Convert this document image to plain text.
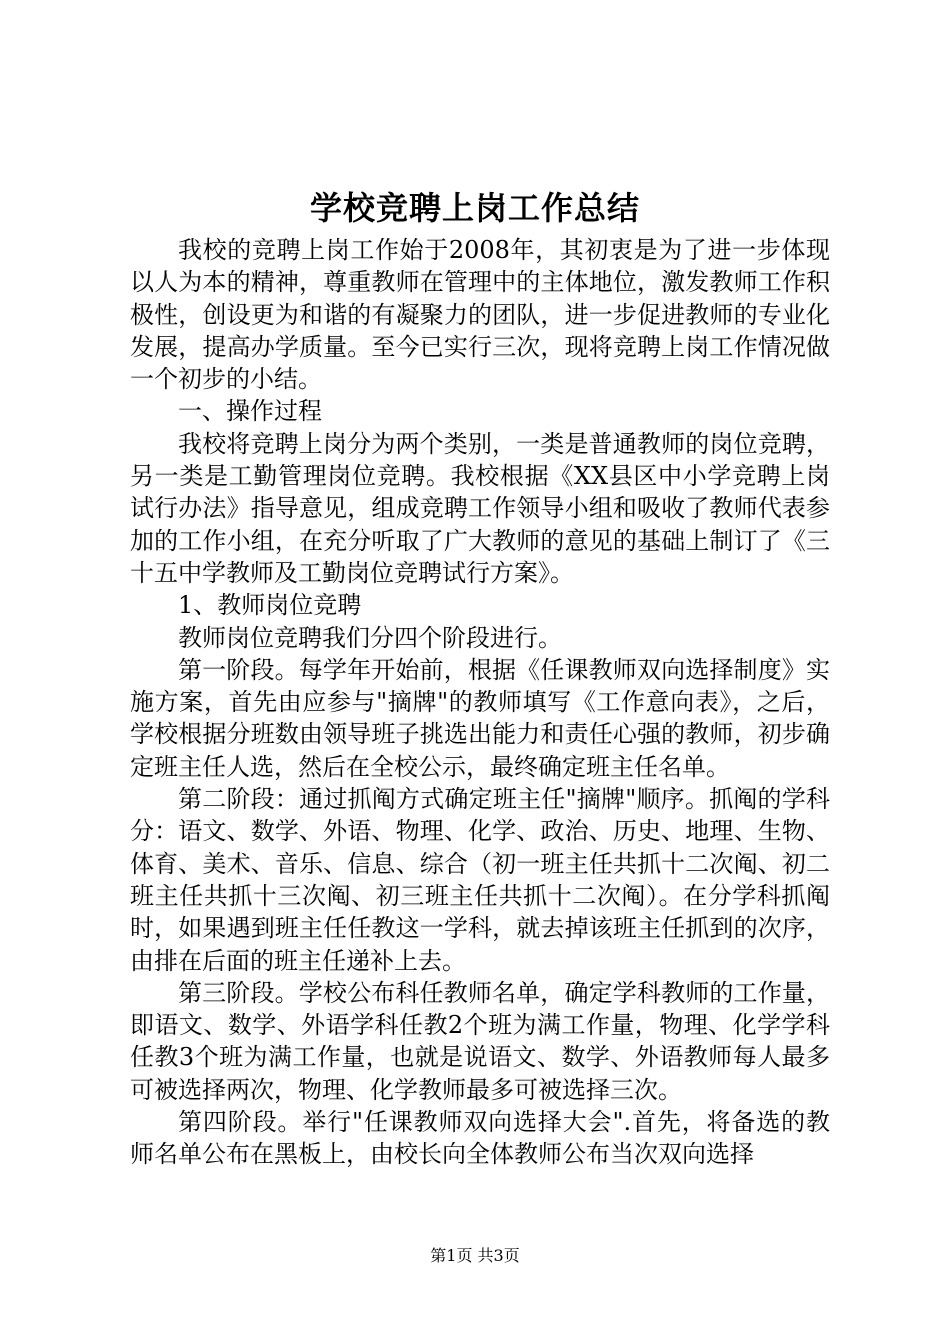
学校竞聘上岗工作总结

我校的竞聘上岗工作始于2008年，其初衷是为了进一步体现以人为本的精神，尊重教师在管理中的主体地位，激发教师工作积极性，创设更为和谐的有凝聚力的团队，进一步促进教师的专业化发展，提高办学质量。至今已实行三次，现将竞聘上岗工作情况做一个初步的小结。

一、操作过程

我校将竞聘上岗分为两个类别，一类是普通教师的岗位竞聘，另一类是工勤管理岗位竞聘。我校根据《XX县区中小学竞聘上岗试行办法》指导意见，组成竞聘工作领导小组和吸收了教师代表参加的工作小组，在充分听取了广大教师的意见的基础上制订了《三十五中学教师及工勤岗位竞聘试行方案》。

1、教师岗位竞聘

教师岗位竞聘我们分四个阶段进行。

第一阶段。每学年开始前，根据《任课教师双向选择制度》实施方案，首先由应参与"摘牌"的教师填写《工作意向表》，之后，学校根据分班数由领导班子挑选出能力和责任心强的教师，初步确定班主任人选，然后在全校公示，最终确定班主任名单。

第二阶段：通过抓阄方式确定班主任"摘牌"顺序。抓阄的学科分：语文、数学、外语、物理、化学、政治、历史、地理、生物、体育、美术、音乐、信息、综合（初一班主任共抓十二次阄、初二班主任共抓十三次阄、初三班主任共抓十二次阄）。在分学科抓阄时，如果遇到班主任任教这一学科，就去掉该班主任抓到的次序，由排在后面的班主任递补上去。

第三阶段。学校公布科任教师名单，确定学科教师的工作量，即语文、数学、外语学科任教2个班为满工作量，物理、化学学科任教3个班为满工作量，也就是说语文、数学、外语教师每人最多可被选择两次，物理、化学教师最多可被选择三次。

第四阶段。举行"任课教师双向选择大会".首先，将备选的教师名单公布在黑板上，由校长向全体教师公布当次双向选择

第1页 共3页
